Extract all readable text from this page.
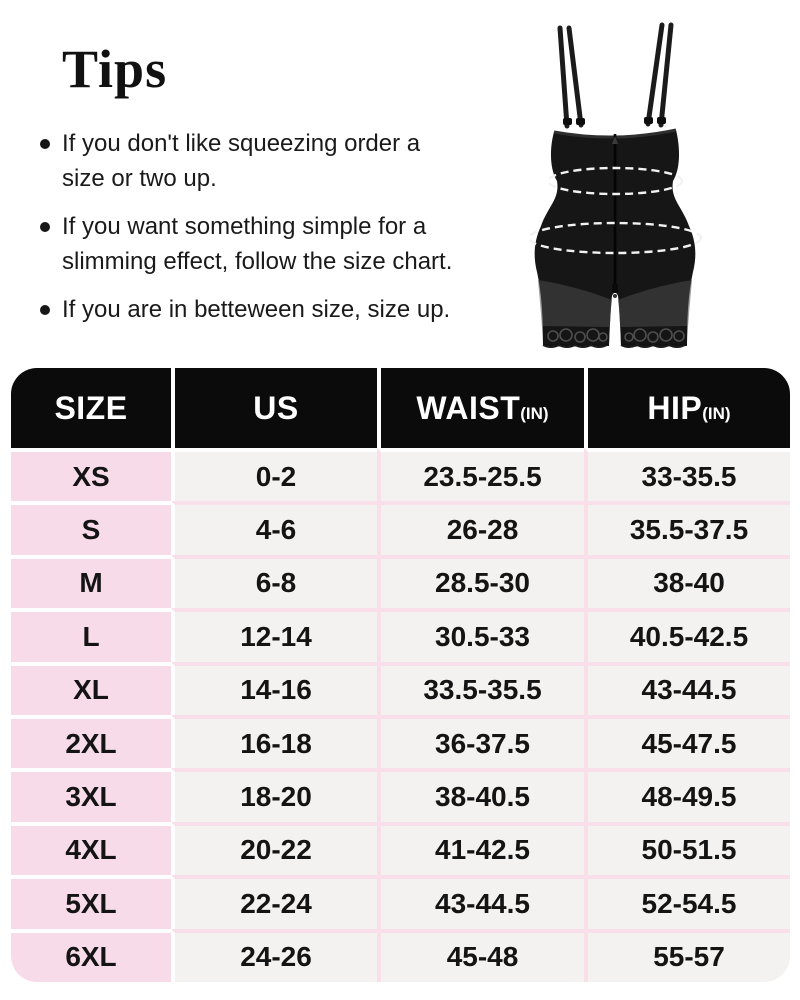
Tips
If you don't like squeezing order a
size or two up.
If you want something simple for a
slimming effect, follow the size chart.
If you are in betteween size, size up.
SIZE	US	WAIST (IN)	HIP (IN)
XS	0-2	23.5-25.5	33-35.5
S	4-6	26-28	35.5-37.5
M	6-8	28.5-30	38-40
L	12-14	30.5-33	40.5-42.5
XL	14-16	33.5-35.5	43-44.5
2XL	16-18	36-37.5	45-47.5
3XL	18-20	38-40.5	48-49.5
4XL	20-22	41-42.5	50-51.5
5XL	22-24	43-44.5	52-54.5
6XL	24-26	45-48	55-57
